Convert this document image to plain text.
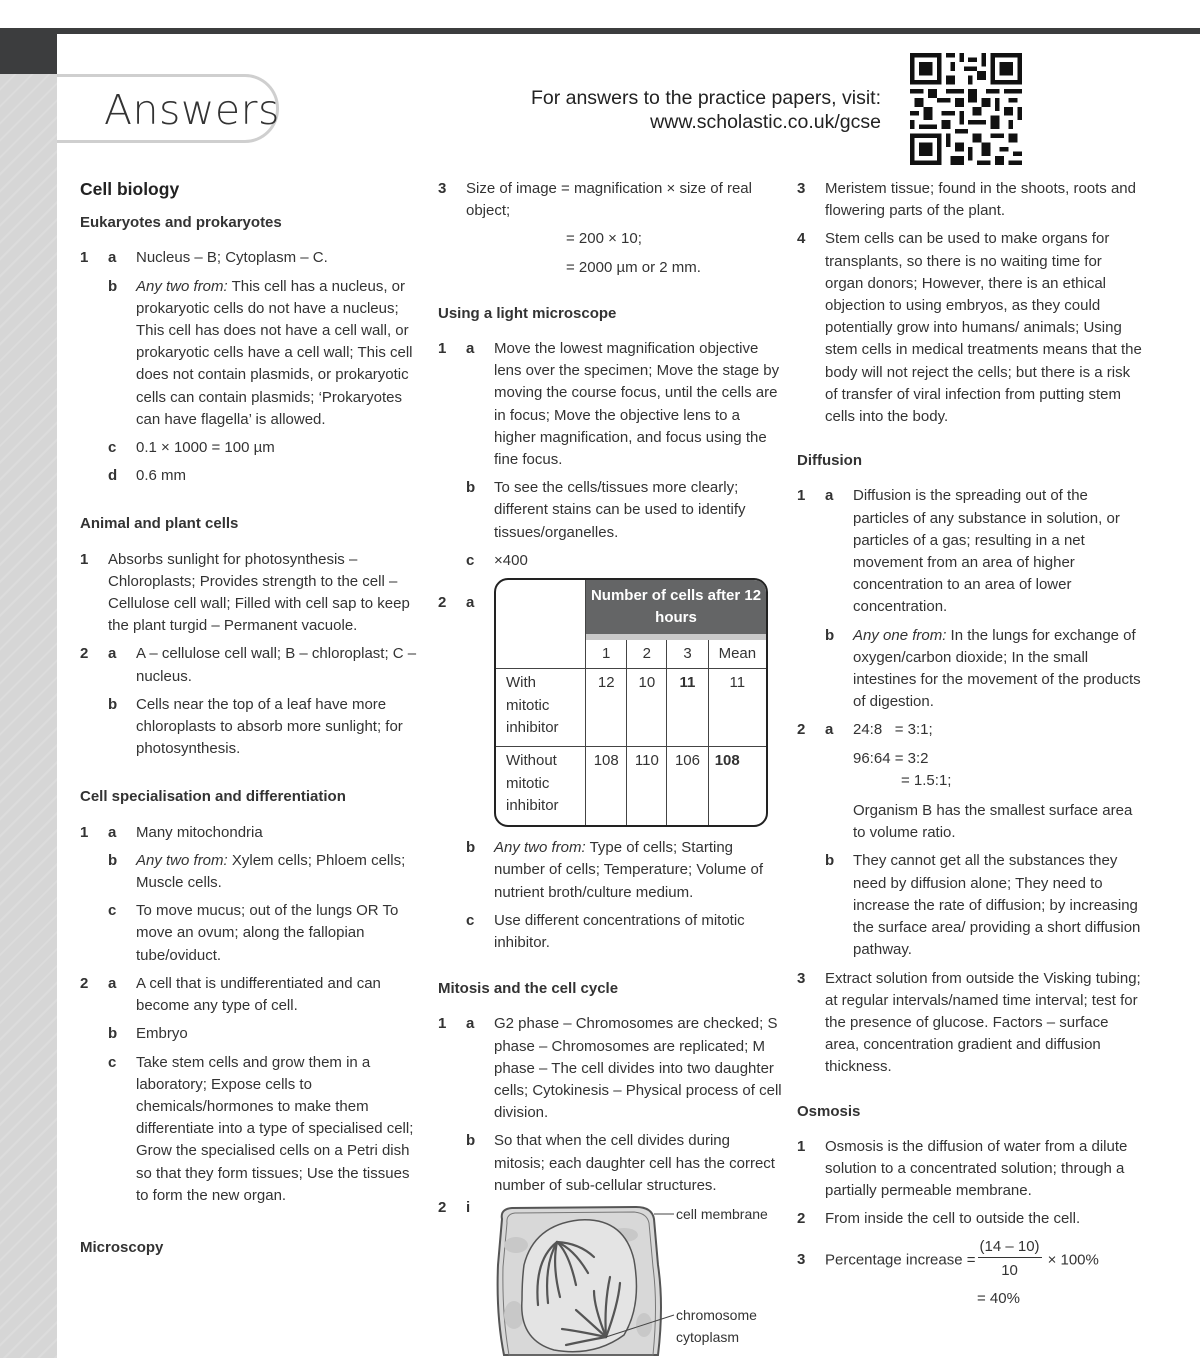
Answers	For answers to the practice papers, visit:
www.scholastic.co.uk/gcse
Cell biology
Eukaryotes and prokaryotes
1	a	Nucleus – B; Cytoplasm – C.
b	Any two from: This cell has a nucleus, or prokaryotic cells do not have a nucleus; This cell has does not have a cell wall, or prokaryotic cells have a cell wall; This cell does not contain plasmids, or prokaryotic cells can contain plasmids; ‘Prokaryotes can have flagella’ is allowed.
c	0.1 × 1000 = 100 µm
d	0.6 mm
Animal and plant cells
1	Absorbs sunlight for photosynthesis – Chloroplasts; Provides strength to the cell – Cellulose cell wall; Filled with cell sap to keep the plant turgid – Permanent vacuole.
2	a	A – cellulose cell wall; B – chloroplast; C – nucleus.
b	Cells near the top of a leaf have more chloroplasts to absorb more sunlight; for photosynthesis.
Cell specialisation and differentiation
1	a	Many mitochondria
b	Any two from: Xylem cells; Phloem cells; Muscle cells.
c	To move mucus; out of the lungs OR To move an ovum; along the fallopian tube/oviduct.
2	a	A cell that is undifferentiated and can become any type of cell.
b	Embryo
c	Take stem cells and grow them in a laboratory; Expose cells to chemicals/hormones to make them differentiate into a type of specialised cell; Grow the specialised cells on a Petri dish so that they form tissues; Use the tissues to form the new organ.
Microscopy
3	Size of image = magnification × size of real object;
= 200 × 10;
= 2000 µm or 2 mm.
Using a light microscope
1	a	Move the lowest magnification objective lens over the specimen; Move the stage by moving the course focus, until the cells are in focus; Move the objective lens to a higher magnification, and focus using the fine focus.
b	To see the cells/tissues more clearly; different stains can be used to identify tissues/organelles.
c	×400
2	a
		Number of cells after 12 hours			
	1	2	3	Mean
With mitotic inhibitor	12	10	11	11
Without mitotic inhibitor	108	110	106	108
b	Any two from: Type of cells; Starting number of cells; Temperature; Volume of nutrient broth/culture medium.
c	Use different concentrations of mitotic inhibitor.
Mitosis and the cell cycle
1	a	G2 phase – Chromosomes are checked; S phase – Chromosomes are replicated; M phase – The cell divides into two daughter cells; Cytokinesis – Physical process of cell division.
b	So that when the cell divides during mitosis; each daughter cell has the correct number of sub-cellular structures.
2	i	cell membrane
chromosome
cytoplasm
3	Meristem tissue; found in the shoots, roots and flowering parts of the plant.
4	Stem cells can be used to make organs for transplants, so there is no waiting time for organ donors; However, there is an ethical objection to using embryos, as they could potentially grow into humans/ animals; Using stem cells in medical treatments means that the body will not reject the cells; but there is a risk of transfer of viral infection from putting stem cells into the body.
Diffusion
1	a	Diffusion is the spreading out of the particles of any substance in solution, or particles of a gas; resulting in a net movement from an area of higher concentration to an area of lower concentration.
b	Any one from: In the lungs for exchange of oxygen/carbon dioxide; In the small intestines for the movement of the products of digestion.
2	a	24:8   = 3:1;
96:64 = 3:2
= 1.5:1;
Organism B has the smallest surface area to volume ratio.
b	They cannot get all the substances they need by diffusion alone; They need to increase the rate of diffusion; by increasing the surface area/ providing a short diffusion pathway.
3	Extract solution from outside the Visking tubing; at regular intervals/named time interval; test for the presence of glucose. Factors – surface area, concentration gradient and diffusion thickness.
Osmosis
1	Osmosis is the diffusion of water from a dilute solution to a concentrated solution; through a partially permeable membrane.
2	From inside the cell to outside the cell.
3	Percentage increase = $\frac{(14 - 10)}{10} \times 100\%$
= 40%
